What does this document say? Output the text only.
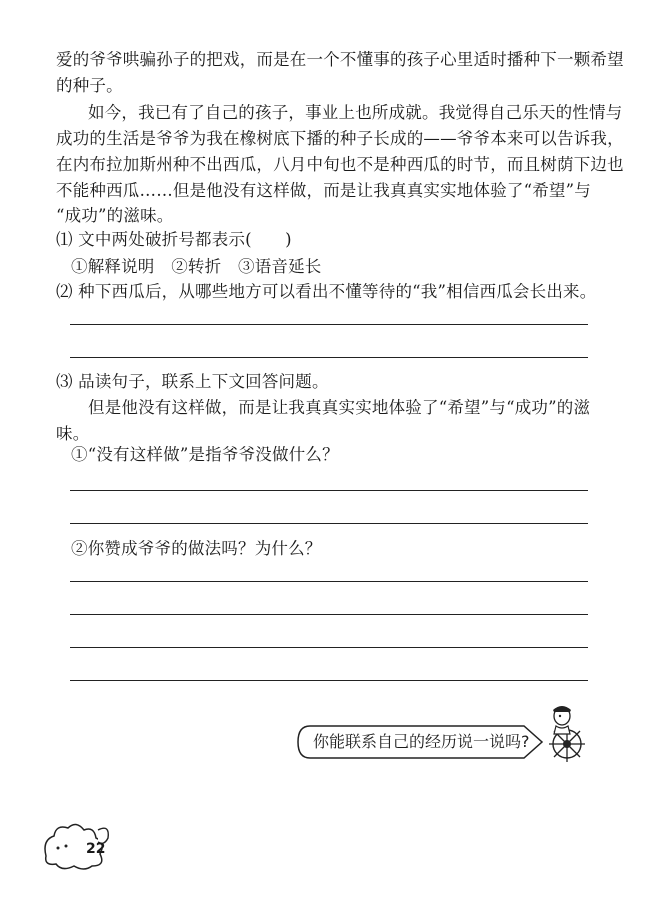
爱的爷爷哄骗孙子的把戏，而是在一个不懂事的孩子心里适时播种下一颗希望
的种子。
如今，我已有了自己的孩子，事业上也所成就。我觉得自己乐天的性情与
成功的生活是爷爷为我在橡树底下播的种子长成的——爷爷本来可以告诉我，
在内布拉加斯州种不出西瓜，八月中旬也不是种西瓜的时节，而且树荫下边也
不能种西瓜……但是他没有这样做，而是让我真真实实地体验了“希望”与
“成功”的滋味。
⑴ 文中两处破折号都表示(　　)
①解释说明　②转折　③语音延长
⑵ 种下西瓜后，从哪些地方可以看出不懂等待的“我”相信西瓜会长出来。
⑶ 品读句子，联系上下文回答问题。
但是他没有这样做，而是让我真真实实地体验了“希望”与“成功”的滋
味。
①“没有这样做”是指爷爷没做什么？
②你赞成爷爷的做法吗？为什么？
你能联系自己的经历说一说吗?
22
